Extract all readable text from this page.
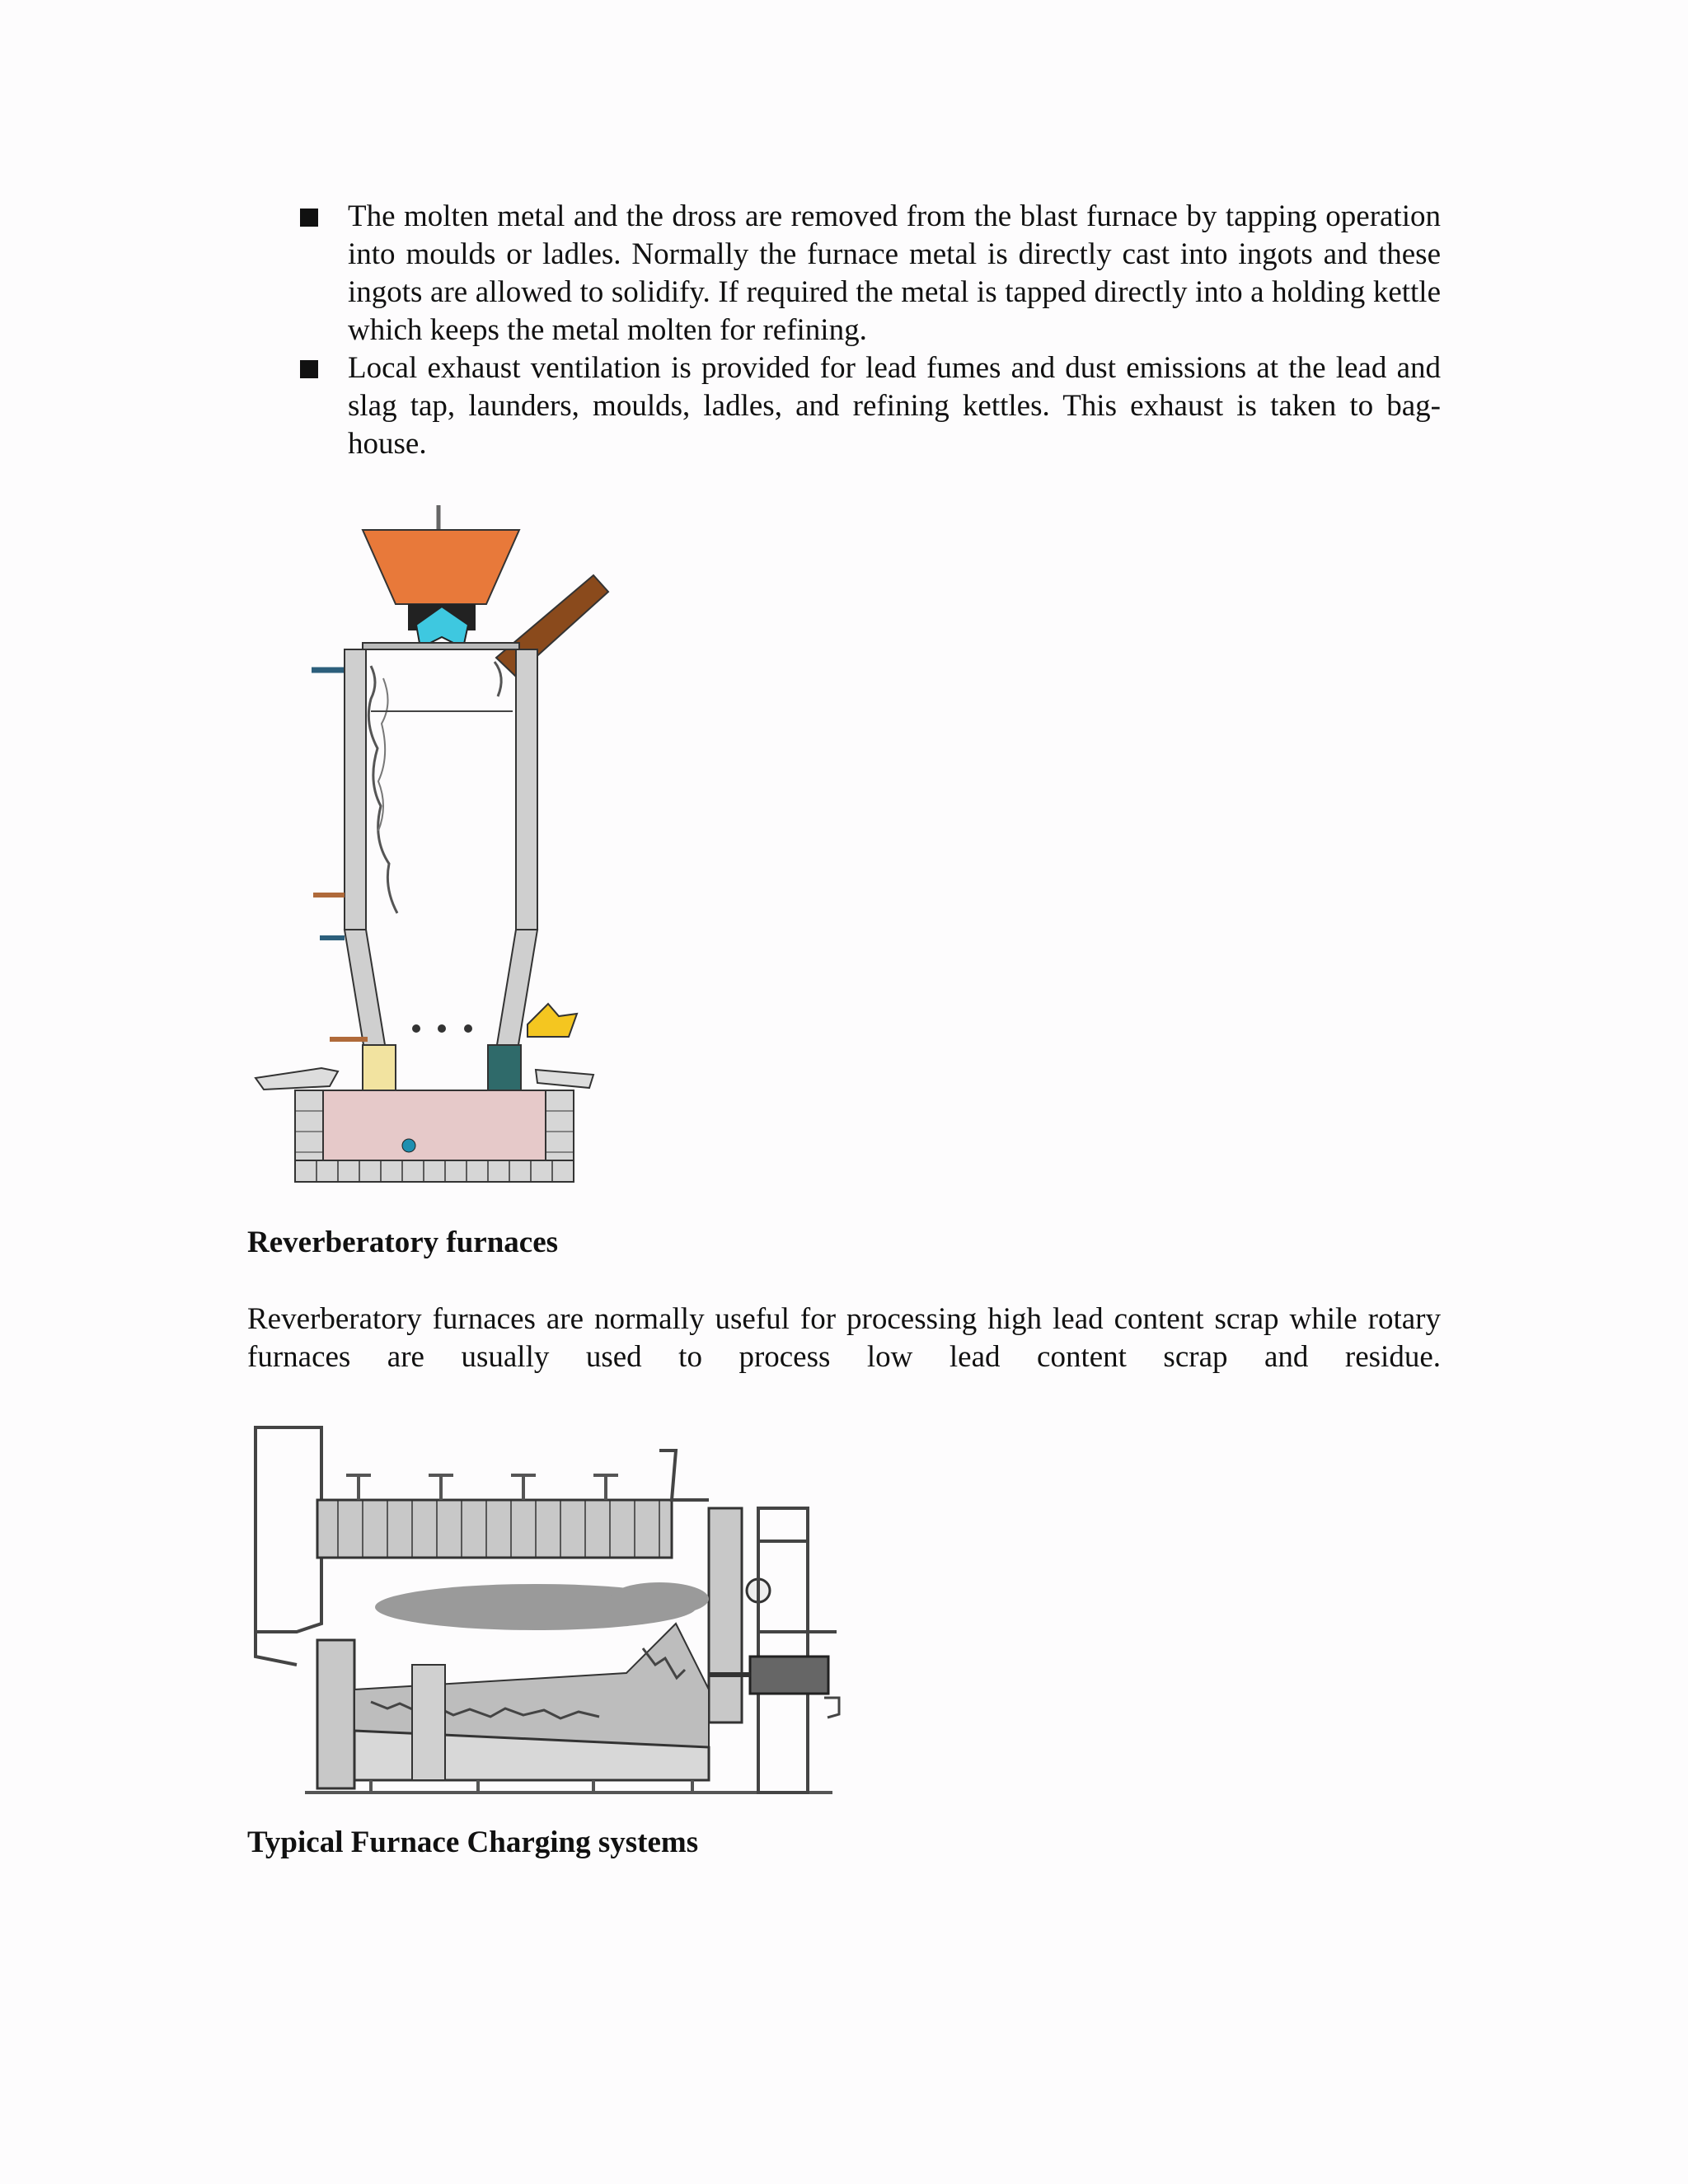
The molten metal and the dross are removed from the blast furnace by tapping operation into moulds or ladles. Normally the furnace metal is directly cast into ingots and these ingots are allowed to solidify. If required the metal is tapped directly into a holding kettle which keeps the metal molten for refining.
Local exhaust ventilation is provided for lead fumes and dust emissions at the lead and slag tap, launders, moulds, ladles, and refining kettles. This exhaust is taken to bag-house.
Reverberatory furnaces

Reverberatory furnaces are normally useful for processing high lead content scrap while rotary furnaces are usually used to process low lead content scrap and residue.

Typical Furnace Charging systems
